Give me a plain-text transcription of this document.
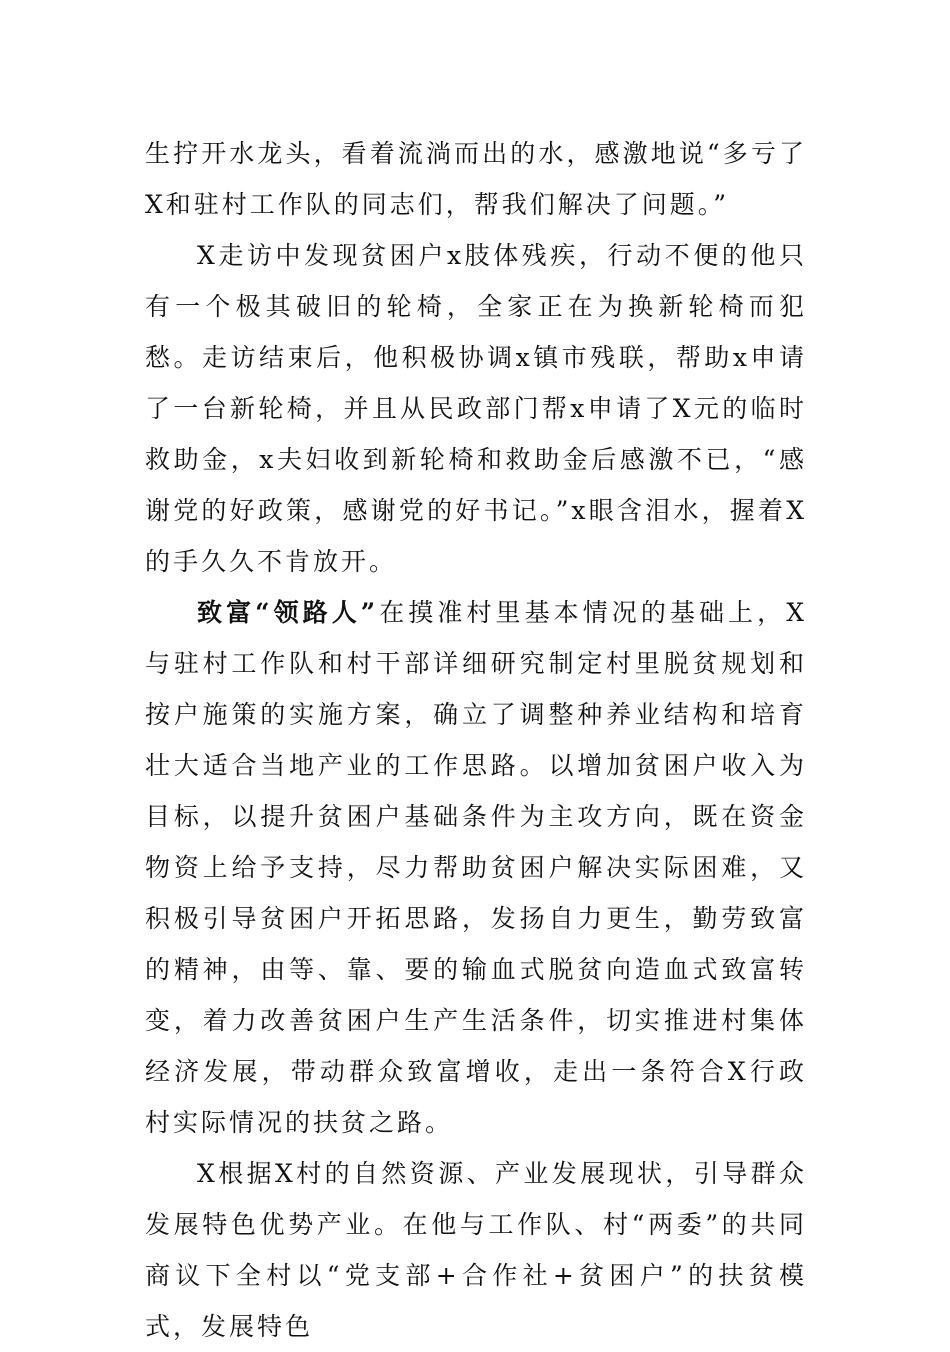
生拧开水龙头，看着流淌而出的水，感激地说“多亏了X和驻村工作队的同志们，帮我们解决了问题。”

X走访中发现贫困户x肢体残疾，行动不便的他只有一个极其破旧的轮椅，全家正在为换新轮椅而犯愁。走访结束后，他积极协调x镇市残联，帮助x申请了一台新轮椅，并且从民政部门帮x申请了X元的临时救助金，x夫妇收到新轮椅和救助金后感激不已，“感谢党的好政策，感谢党的好书记。”x眼含泪水，握着X的手久久不肯放开。

致富“领路人”在摸准村里基本情况的基础上，X与驻村工作队和村干部详细研究制定村里脱贫规划和按户施策的实施方案，确立了调整种养业结构和培育壮大适合当地产业的工作思路。以增加贫困户收入为目标，以提升贫困户基础条件为主攻方向，既在资金物资上给予支持，尽力帮助贫困户解决实际困难，又积极引导贫困户开拓思路，发扬自力更生，勤劳致富的精神，由等、靠、要的输血式脱贫向造血式致富转变，着力改善贫困户生产生活条件，切实推进村集体经济发展，带动群众致富增收，走出一条符合X行政村实际情况的扶贫之路。

X根据X村的自然资源、产业发展现状，引导群众发展特色优势产业。在他与工作队、村“两委”的共同商议下全村以“党支部+合作社+贫困户”的扶贫模式，发展特色
